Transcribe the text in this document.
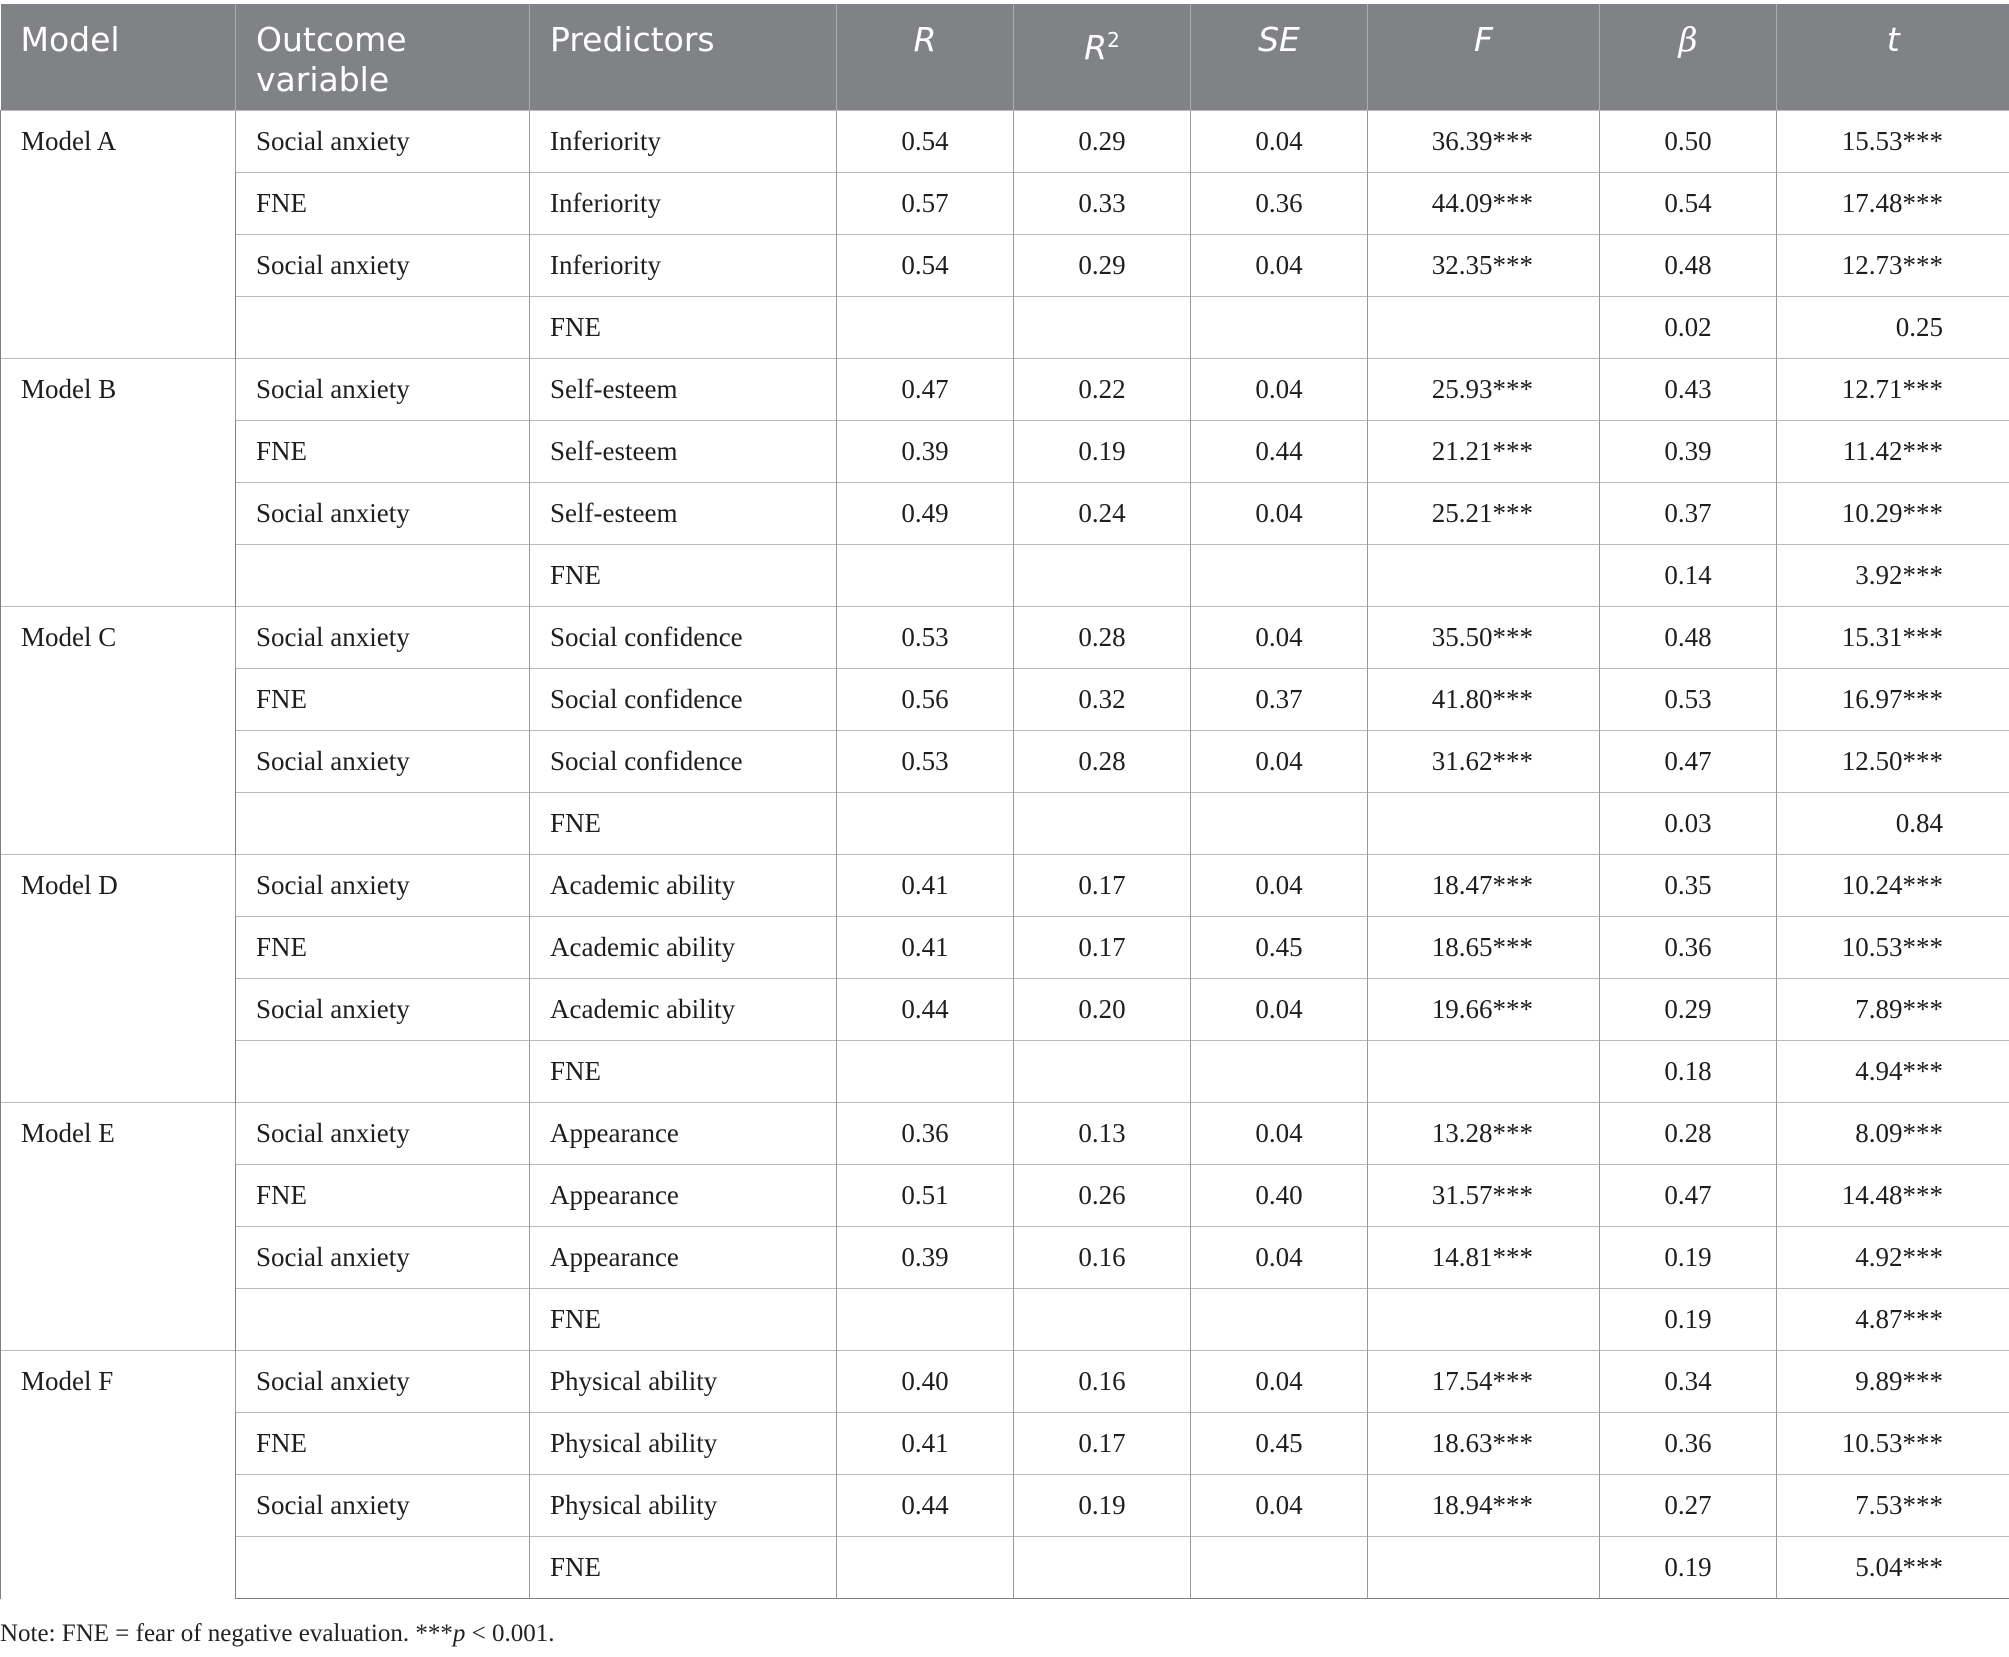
Model	Outcome variable	Predictors	R	$R^2$	SE	F	β	t
Model A	Social anxiety	Inferiority	0.54	0.29	0.04	36.39***	0.50	15.53***
	FNE	Inferiority	0.57	0.33	0.36	44.09***	0.54	17.48***
	Social anxiety	Inferiority	0.54	0.29	0.04	32.35***	0.48	12.73***
		FNE					0.02	0.25
Model B	Social anxiety	Self-esteem	0.47	0.22	0.04	25.93***	0.43	12.71***
	FNE	Self-esteem	0.39	0.19	0.44	21.21***	0.39	11.42***
	Social anxiety	Self-esteem	0.49	0.24	0.04	25.21***	0.37	10.29***
		FNE					0.14	3.92***
Model C	Social anxiety	Social confidence	0.53	0.28	0.04	35.50***	0.48	15.31***
	FNE	Social confidence	0.56	0.32	0.37	41.80***	0.53	16.97***
	Social anxiety	Social confidence	0.53	0.28	0.04	31.62***	0.47	12.50***
		FNE					0.03	0.84
Model D	Social anxiety	Academic ability	0.41	0.17	0.04	18.47***	0.35	10.24***
	FNE	Academic ability	0.41	0.17	0.45	18.65***	0.36	10.53***
	Social anxiety	Academic ability	0.44	0.20	0.04	19.66***	0.29	7.89***
		FNE					0.18	4.94***
Model E	Social anxiety	Appearance	0.36	0.13	0.04	13.28***	0.28	8.09***
	FNE	Appearance	0.51	0.26	0.40	31.57***	0.47	14.48***
	Social anxiety	Appearance	0.39	0.16	0.04	14.81***	0.19	4.92***
		FNE					0.19	4.87***
Model F	Social anxiety	Physical ability	0.40	0.16	0.04	17.54***	0.34	9.89***
	FNE	Physical ability	0.41	0.17	0.45	18.63***	0.36	10.53***
	Social anxiety	Physical ability	0.44	0.19	0.04	18.94***	0.27	7.53***
		FNE					0.19	5.04***
Note: FNE = fear of negative evaluation. ***p < 0.001.
